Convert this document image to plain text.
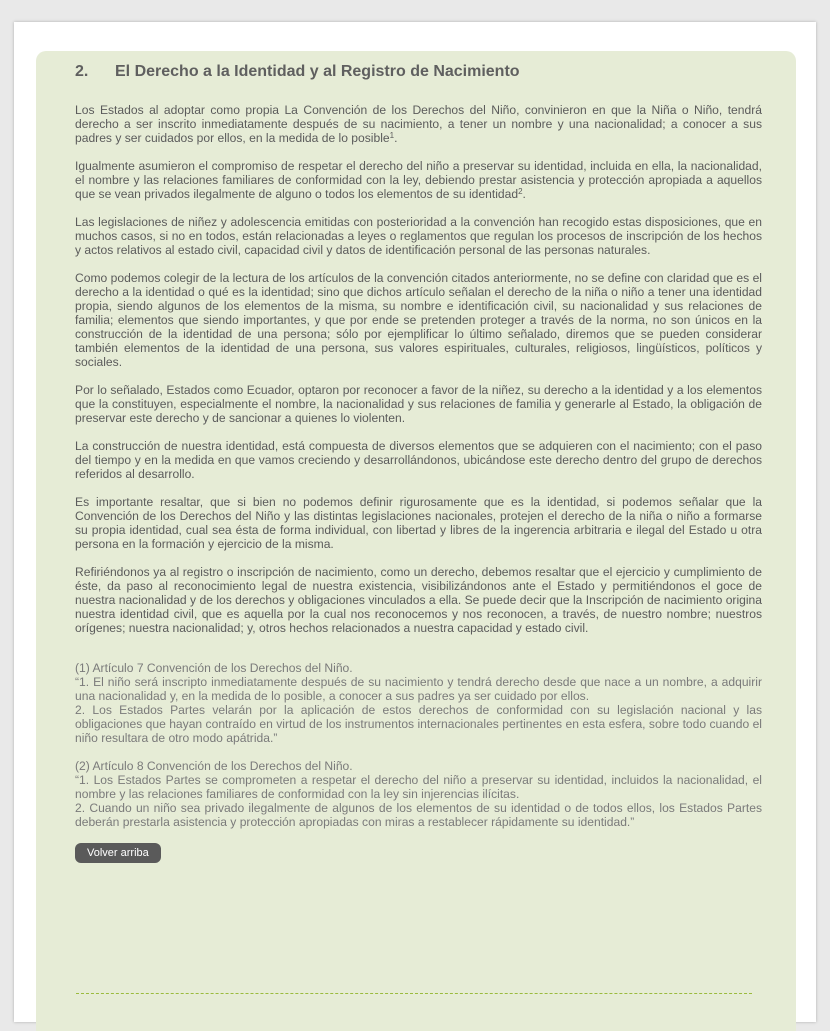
2. El Derecho a la Identidad y al Registro de Nacimiento

Los Estados al adoptar como propia La Convención de los Derechos del Niño, convinieron en que la Niña o Niño, tendrá derecho a ser inscrito inmediatamente después de su nacimiento, a tener un nombre y una nacionalidad; a conocer a sus padres y ser cuidados por ellos, en la medida de lo posible$^1$.

Igualmente asumieron el compromiso de respetar el derecho del niño a preservar su identidad, incluida en ella, la nacionalidad, el nombre y las relaciones familiares de conformidad con la ley, debiendo prestar asistencia y protección apropiada a aquellos que se vean privados ilegalmente de alguno o todos los elementos de su identidad$^2$.

Las legislaciones de niñez y adolescencia emitidas con posterioridad a la convención han recogido estas disposiciones, que en muchos casos, si no en todos, están relacionadas a leyes o reglamentos que regulan los procesos de inscripción de los hechos y actos relativos al estado civil, capacidad civil y datos de identificación personal de las personas naturales.

Como podemos colegir de la lectura de los artículos de la convención citados anteriormente, no se define con claridad que es el derecho a la identidad o qué es la identidad; sino que dichos artículo señalan el derecho de la niña o niño a tener una identidad propia, siendo algunos de los elementos de la misma, su nombre e identificación civil, su nacionalidad y sus relaciones de familia; elementos que siendo importantes, y que por ende se pretenden proteger a través de la norma, no son únicos en la construcción de la identidad de una persona; sólo por ejemplificar lo último señalado, diremos que se pueden considerar también elementos de la identidad de una persona, sus valores espirituales, culturales, religiosos, lingüísticos, políticos y sociales.

Por lo señalado, Estados como Ecuador, optaron por reconocer a favor de la niñez, su derecho a la identidad y a los elementos que la constituyen, especialmente el nombre, la nacionalidad y sus relaciones de familia y generarle al Estado, la obligación de preservar este derecho y de sancionar a quienes lo violenten.

La construcción de nuestra identidad, está compuesta de diversos elementos que se adquieren con el nacimiento; con el paso del tiempo y en la medida en que vamos creciendo y desarrollándonos, ubicándose este derecho dentro del grupo de derechos referidos al desarrollo.

Es importante resaltar, que si bien no podemos definir rigurosamente que es la identidad, si podemos señalar que la Convención de los Derechos del Niño y las distintas legislaciones nacionales, protejen el derecho de la niña o niño a formarse su propia identidad, cual sea ésta de forma individual, con libertad y libres de la ingerencia arbitraria e ilegal del Estado u otra persona en la formación y ejercicio de la misma.

Refiriéndonos ya al registro o inscripción de nacimiento, como un derecho, debemos resaltar que el ejercicio y cumplimiento de éste, da paso al reconocimiento legal de nuestra existencia, visibilizándonos ante el Estado y permitiéndonos el goce de nuestra nacionalidad y de los derechos y obligaciones vinculados a ella. Se puede decir que la Inscripción de nacimiento origina nuestra identidad civil, que es aquella por la cual nos reconocemos y nos reconocen, a través, de nuestro nombre; nuestros orígenes; nuestra nacionalidad; y, otros hechos relacionados a nuestra capacidad y estado civil.

(1) Artículo 7 Convención de los Derechos del Niño.
“1. El niño será inscripto inmediatamente después de su nacimiento y tendrá derecho desde que nace a un nombre, a adquirir una nacionalidad y, en la medida de lo posible, a conocer a sus padres ya ser cuidado por ellos.
2. Los Estados Partes velarán por la aplicación de estos derechos de conformidad con su legislación nacional y las obligaciones que hayan contraído en virtud de los instrumentos internacionales pertinentes en esta esfera, sobre todo cuando el niño resultara de otro modo apátrida.”
(2) Artículo 8 Convención de los Derechos del Niño.
“1. Los Estados Partes se comprometen a respetar el derecho del niño a preservar su identidad, incluidos la nacionalidad, el nombre y las relaciones familiares de conformidad con la ley sin injerencias ilícitas.
2. Cuando un niño sea privado ilegalmente de algunos de los elementos de su identidad o de todos ellos, los Estados Partes deberán prestarla asistencia y protección apropiadas con miras a restablecer rápidamente su identidad.”
Volver arriba
